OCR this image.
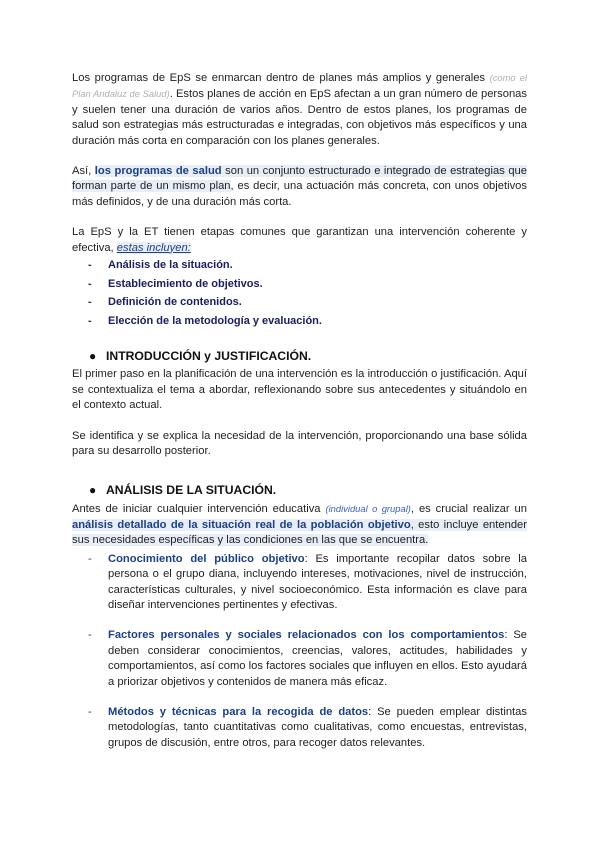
Los programas de EpS se enmarcan dentro de planes más amplios y generales (como el Plan Andaluz de Salud). Estos planes de acción en EpS afectan a un gran número de personas y suelen tener una duración de varios años. Dentro de estos planes, los programas de salud son estrategias más estructuradas e integradas, con objetivos más específicos y una duración más corta en comparación con los planes generales.

Así, los programas de salud son un conjunto estructurado e integrado de estrategias que forman parte de un mismo plan, es decir, una actuación más concreta, con unos objetivos más definidos, y de una duración más corta.

La EpS y la ET tienen etapas comunes que garantizan una intervención coherente y efectiva, estas incluyen:

- Análisis de la situación.
- Establecimiento de objetivos.
- Definición de contenidos.
- Elección de la metodología y evaluación.
● INTRODUCCIÓN y JUSTIFICACIÓN.

El primer paso en la planificación de una intervención es la introducción o justificación. Aquí se contextualiza el tema a abordar, reflexionando sobre sus antecedentes y situándolo en el contexto actual.

Se identifica y se explica la necesidad de la intervención, proporcionando una base sólida para su desarrollo posterior.

● ANÁLISIS DE LA SITUACIÓN.

Antes de iniciar cualquier intervención educativa (individual o grupal), es crucial realizar un análisis detallado de la situación real de la población objetivo, esto incluye entender sus necesidades específicas y las condiciones en las que se encuentra.

- Conocimiento del público objetivo: Es importante recopilar datos sobre la persona o el grupo diana, incluyendo intereses, motivaciones, nivel de instrucción, características culturales, y nivel socioeconómico. Esta información es clave para diseñar intervenciones pertinentes y efectivas.
- Factores personales y sociales relacionados con los comportamientos: Se deben considerar conocimientos, creencias, valores, actitudes, habilidades y comportamientos, así como los factores sociales que influyen en ellos. Esto ayudará a priorizar objetivos y contenidos de manera más eficaz.
- Métodos y técnicas para la recogida de datos: Se pueden emplear distintas metodologías, tanto cuantitativas como cualitativas, como encuestas, entrevistas, grupos de discusión, entre otros, para recoger datos relevantes.
